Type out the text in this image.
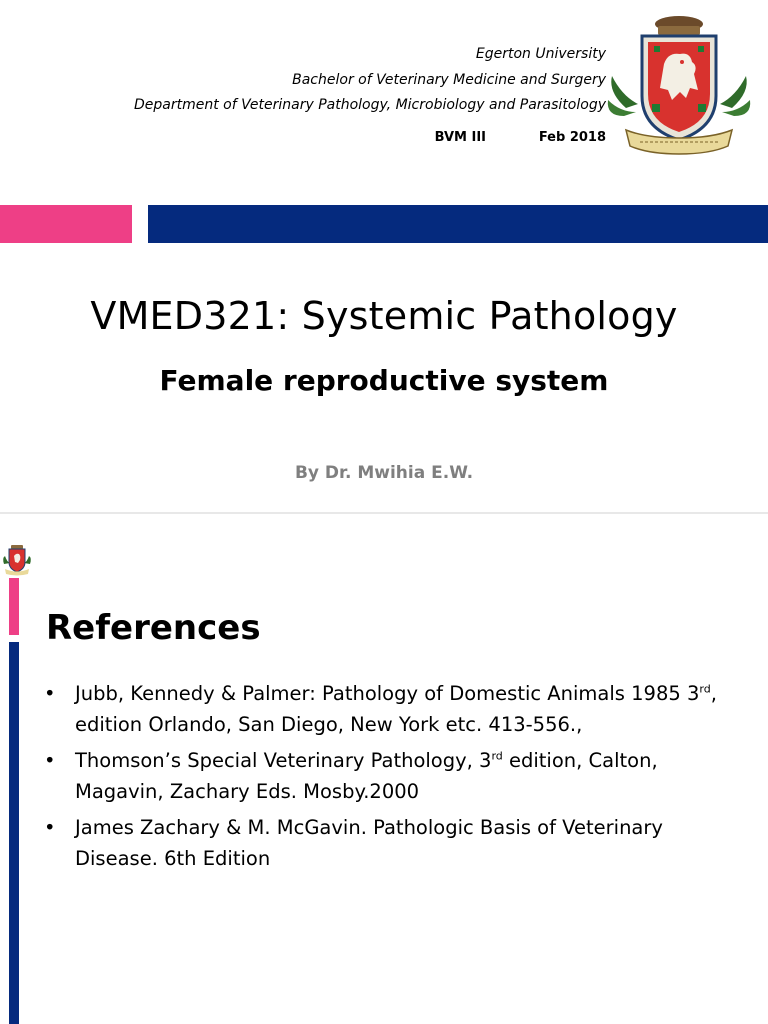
Egerton University
Bachelor of Veterinary Medicine and Surgery
Department of Veterinary Pathology, Microbiology and Parasitology
BVM III	Feb 2018
VMED321: Systemic Pathology
Female reproductive system
By Dr. Mwihia E.W.
References
• Jubb, Kennedy & Palmer: Pathology of Domestic Animals 1985 3rd, edition Orlando, San Diego, New York etc. 413-556.,
• Thomson’s Special Veterinary Pathology, 3rd edition, Calton, Magavin, Zachary Eds. Mosby.2000
• James Zachary & M. McGavin. Pathologic Basis of Veterinary Disease. 6th Edition
